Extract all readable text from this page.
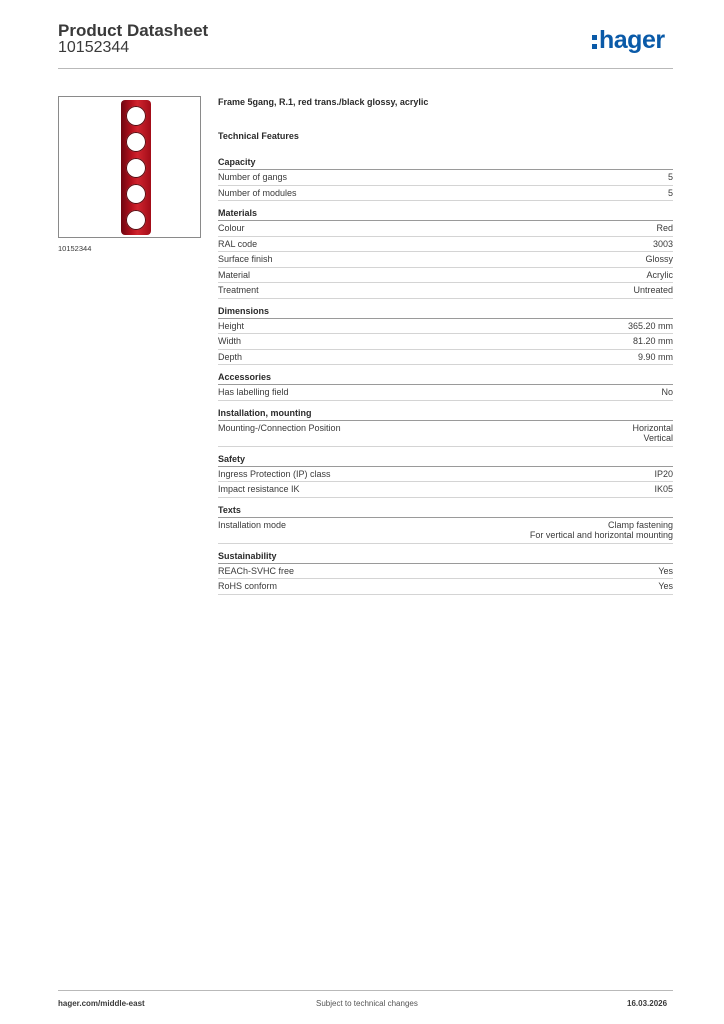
Product Datasheet
10152344	hager
10152344
Frame 5gang, R.1, red trans./black glossy, acrylic
Technical Features
Capacity
Number of gangs	5
Number of modules	5
Materials
Colour	Red
RAL code	3003
Surface finish	Glossy
Material	Acrylic
Treatment	Untreated
Dimensions
Height	365.20 mm
Width	81.20 mm
Depth	9.90 mm
Accessories
Has labelling field	No
Installation, mounting
Mounting-/Connection Position	Horizontal
Vertical
Safety
Ingress Protection (IP) class	IP20
Impact resistance IK	IK05
Texts
Installation mode	Clamp fastening
For vertical and horizontal mounting
Sustainability
REACh-SVHC free	Yes
RoHS conform	Yes
hager.com/middle-east	Subject to technical changes	16.03.2026
